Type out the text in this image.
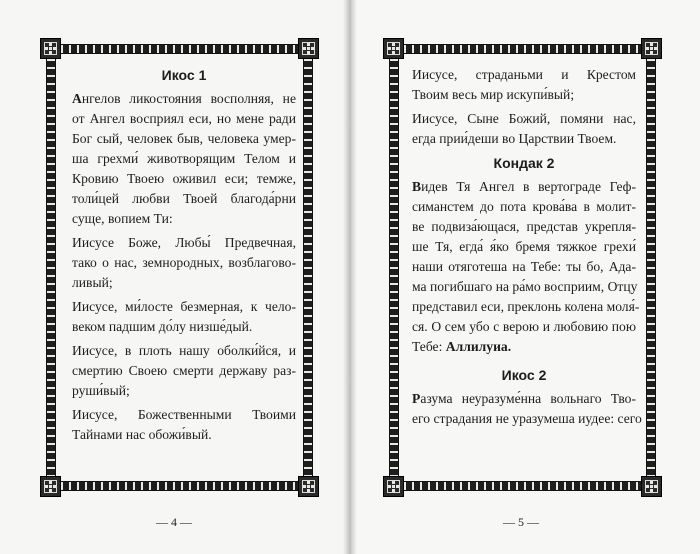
Икос 1
Ангелов ликостояния восполняя, не
от Ангел восприял еси, но мене ради
Бог сый, человек быв, человека умер-
ша грехми́ животворящим Телом и
Кровию Твоею оживил еси; темже,
толи́цей любви Твоей благода́рни
суще, вопием Ти:
Иисусе Боже, Любы́ Предвечная,
тако о нас, земнородных, возблагово-
ливый;
Иисусе, ми́лосте безмерная, к чело-
веком падшим до́лу низше́дый.
Иисусе, в плоть нашу оболки́йся, и
смертию Своею смерти державу раз-
руши́вый;
Иисусе, Божественными Твоими
Тайнами нас обожи́вый.
Иисусе, страданьми и Крестом
Твоим весь мир искупи́вый;
Иисусе, Сыне Божий, помяни нас,
егда прии́деши во Царствии Твоем.
Кондак 2
Видев Тя Ангел в вертограде Геф-
симанстем до пота крова́ва в молит-
ве подвиза́ющася, представ укрепля-
ше Тя, егда́ я́ко бремя тяжкое грехи́
наши отяготеша на Тебе: ты бо, Ада-
ма погибшаго на ра́мо восприим, Отцу
представил еси, преклонь колена моля́-
ся. О сем убо с верою и любовию пою
Тебе: Аллилуиа.
Икос 2
Разума неуразуме́нна вольнаго Тво-
его страдания не уразумеша иудее: сего
— 4 —	— 5 —
